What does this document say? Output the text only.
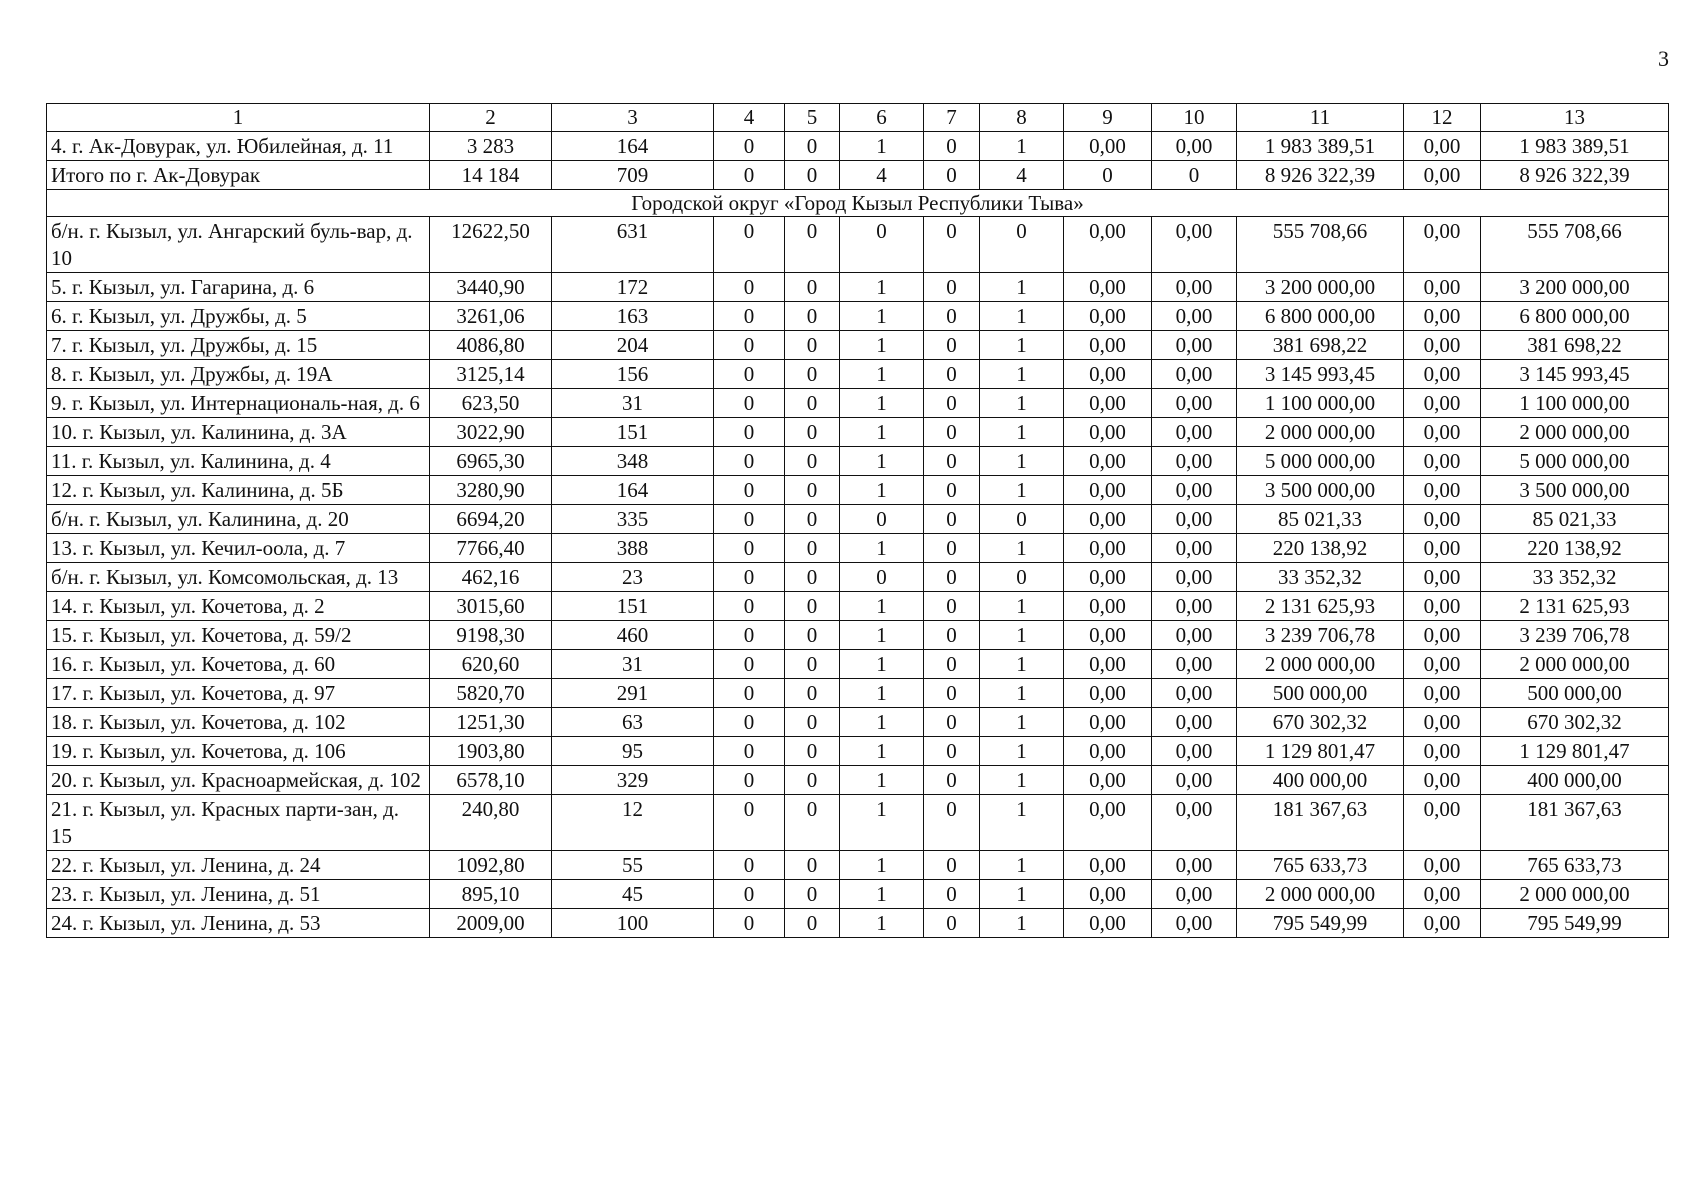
3
1	2	3	4	5	6	7	8	9	10	11	12	13
4. г. Ак-Довурак, ул. Юбилейная, д. 11	3 283	164	0	0	1	0	1	0,00	0,00	1 983 389,51	0,00	1 983 389,51
Итого по г. Ак-Довурак	14 184	709	0	0	4	0	4	0	0	8 926 322,39	0,00	8 926 322,39
Городской округ «Город Кызыл Республики Тыва»												
б/н. г. Кызыл, ул. Ангарский буль-вар, д. 10	12622,50	631	0	0	0	0	0	0,00	0,00	555 708,66	0,00	555 708,66
5. г. Кызыл, ул. Гагарина, д. 6	3440,90	172	0	0	1	0	1	0,00	0,00	3 200 000,00	0,00	3 200 000,00
6. г. Кызыл, ул. Дружбы, д. 5	3261,06	163	0	0	1	0	1	0,00	0,00	6 800 000,00	0,00	6 800 000,00
7. г. Кызыл, ул. Дружбы, д. 15	4086,80	204	0	0	1	0	1	0,00	0,00	381 698,22	0,00	381 698,22
8. г. Кызыл, ул. Дружбы, д. 19А	3125,14	156	0	0	1	0	1	0,00	0,00	3 145 993,45	0,00	3 145 993,45
9. г. Кызыл, ул. Интернациональ-ная, д. 6	623,50	31	0	0	1	0	1	0,00	0,00	1 100 000,00	0,00	1 100 000,00
10. г. Кызыл, ул. Калинина, д. 3А	3022,90	151	0	0	1	0	1	0,00	0,00	2 000 000,00	0,00	2 000 000,00
11. г. Кызыл, ул. Калинина, д. 4	6965,30	348	0	0	1	0	1	0,00	0,00	5 000 000,00	0,00	5 000 000,00
12. г. Кызыл, ул. Калинина, д. 5Б	3280,90	164	0	0	1	0	1	0,00	0,00	3 500 000,00	0,00	3 500 000,00
б/н. г. Кызыл, ул. Калинина, д. 20	6694,20	335	0	0	0	0	0	0,00	0,00	85 021,33	0,00	85 021,33
13. г. Кызыл, ул. Кечил-оола, д. 7	7766,40	388	0	0	1	0	1	0,00	0,00	220 138,92	0,00	220 138,92
б/н. г. Кызыл, ул. Комсомольская, д. 13	462,16	23	0	0	0	0	0	0,00	0,00	33 352,32	0,00	33 352,32
14. г. Кызыл, ул. Кочетова, д. 2	3015,60	151	0	0	1	0	1	0,00	0,00	2 131 625,93	0,00	2 131 625,93
15. г. Кызыл, ул. Кочетова, д. 59/2	9198,30	460	0	0	1	0	1	0,00	0,00	3 239 706,78	0,00	3 239 706,78
16. г. Кызыл, ул. Кочетова, д. 60	620,60	31	0	0	1	0	1	0,00	0,00	2 000 000,00	0,00	2 000 000,00
17. г. Кызыл, ул. Кочетова, д. 97	5820,70	291	0	0	1	0	1	0,00	0,00	500 000,00	0,00	500 000,00
18. г. Кызыл, ул. Кочетова, д. 102	1251,30	63	0	0	1	0	1	0,00	0,00	670 302,32	0,00	670 302,32
19. г. Кызыл, ул. Кочетова, д. 106	1903,80	95	0	0	1	0	1	0,00	0,00	1 129 801,47	0,00	1 129 801,47
20. г. Кызыл, ул. Красноармейская, д. 102	6578,10	329	0	0	1	0	1	0,00	0,00	400 000,00	0,00	400 000,00
21. г. Кызыл, ул. Красных парти-зан, д. 15	240,80	12	0	0	1	0	1	0,00	0,00	181 367,63	0,00	181 367,63
22. г. Кызыл, ул. Ленина, д. 24	1092,80	55	0	0	1	0	1	0,00	0,00	765 633,73	0,00	765 633,73
23. г. Кызыл, ул. Ленина, д. 51	895,10	45	0	0	1	0	1	0,00	0,00	2 000 000,00	0,00	2 000 000,00
24. г. Кызыл, ул. Ленина, д. 53	2009,00	100	0	0	1	0	1	0,00	0,00	795 549,99	0,00	795 549,99
